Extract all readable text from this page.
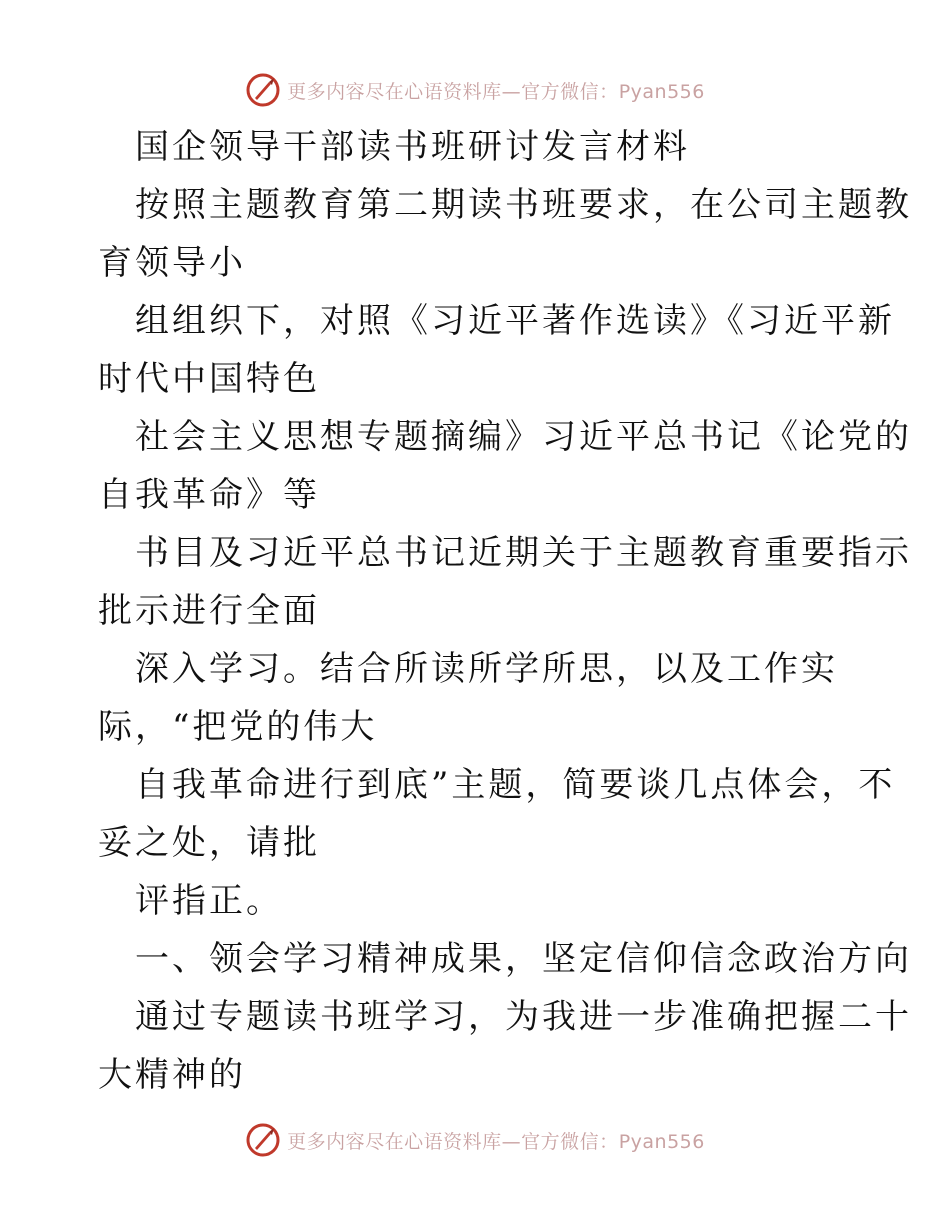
更多内容尽在心语资料库—官方微信：Pyan556
国企领导干部读书班研讨发言材料
按照主题教育第二期读书班要求，在公司主题教
育领导小
组组织下，对照《习近平著作选读》《习近平新
时代中国特色
社会主义思想专题摘编》习近平总书记《论党的
自我革命》等
书目及习近平总书记近期关于主题教育重要指示
批示进行全面
深入学习。结合所读所学所思，以及工作实
际，“把党的伟大
自我革命进行到底”主题，简要谈几点体会，不
妥之处，请批
评指正。
一、领会学习精神成果，坚定信仰信念政治方向
通过专题读书班学习，为我进一步准确把握二十
大精神的
更多内容尽在心语资料库—官方微信：Pyan556
